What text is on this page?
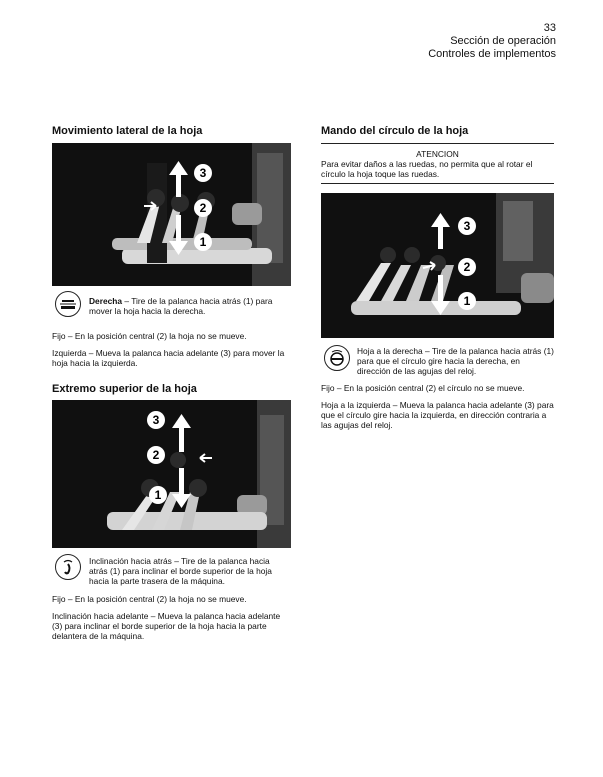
33
Sección de operación
Controles de implementos
Movimiento lateral de la hoja
3
2
1
Derecha – Tire de la palanca hacia atrás (1) para mover la hoja hacia la derecha.
Fijo – En la posición central (2) la hoja no se mueve.
Izquierda – Mueva la palanca hacia adelante (3) para mover la hoja hacia la izquierda.
Extremo superior de la hoja
3
2
1
Inclinación hacia atrás – Tire de la palanca hacia atrás (1) para inclinar el borde superior de la hoja hacia la parte trasera de la máquina.
Fijo – En la posición central (2) la hoja no se mueve.
Inclinación hacia adelante – Mueva la palanca hacia adelante (3) para inclinar el borde superior de la hoja hacia la parte delantera de la máquina.
Mando del círculo de la hoja
ATENCION
Para evitar daños a las ruedas, no permita que al rotar el círculo la hoja toque las ruedas.
3
2
1
Hoja a la derecha – Tire de la palanca hacia atrás (1) para que el círculo gire hacia la derecha, en dirección de las agujas del reloj.
Fijo – En la posición central (2) el círculo no se mueve.
Hoja a la izquierda – Mueva la palanca hacia adelante (3) para que el círculo gire hacia la izquierda, en dirección contraria a las agujas del reloj.
